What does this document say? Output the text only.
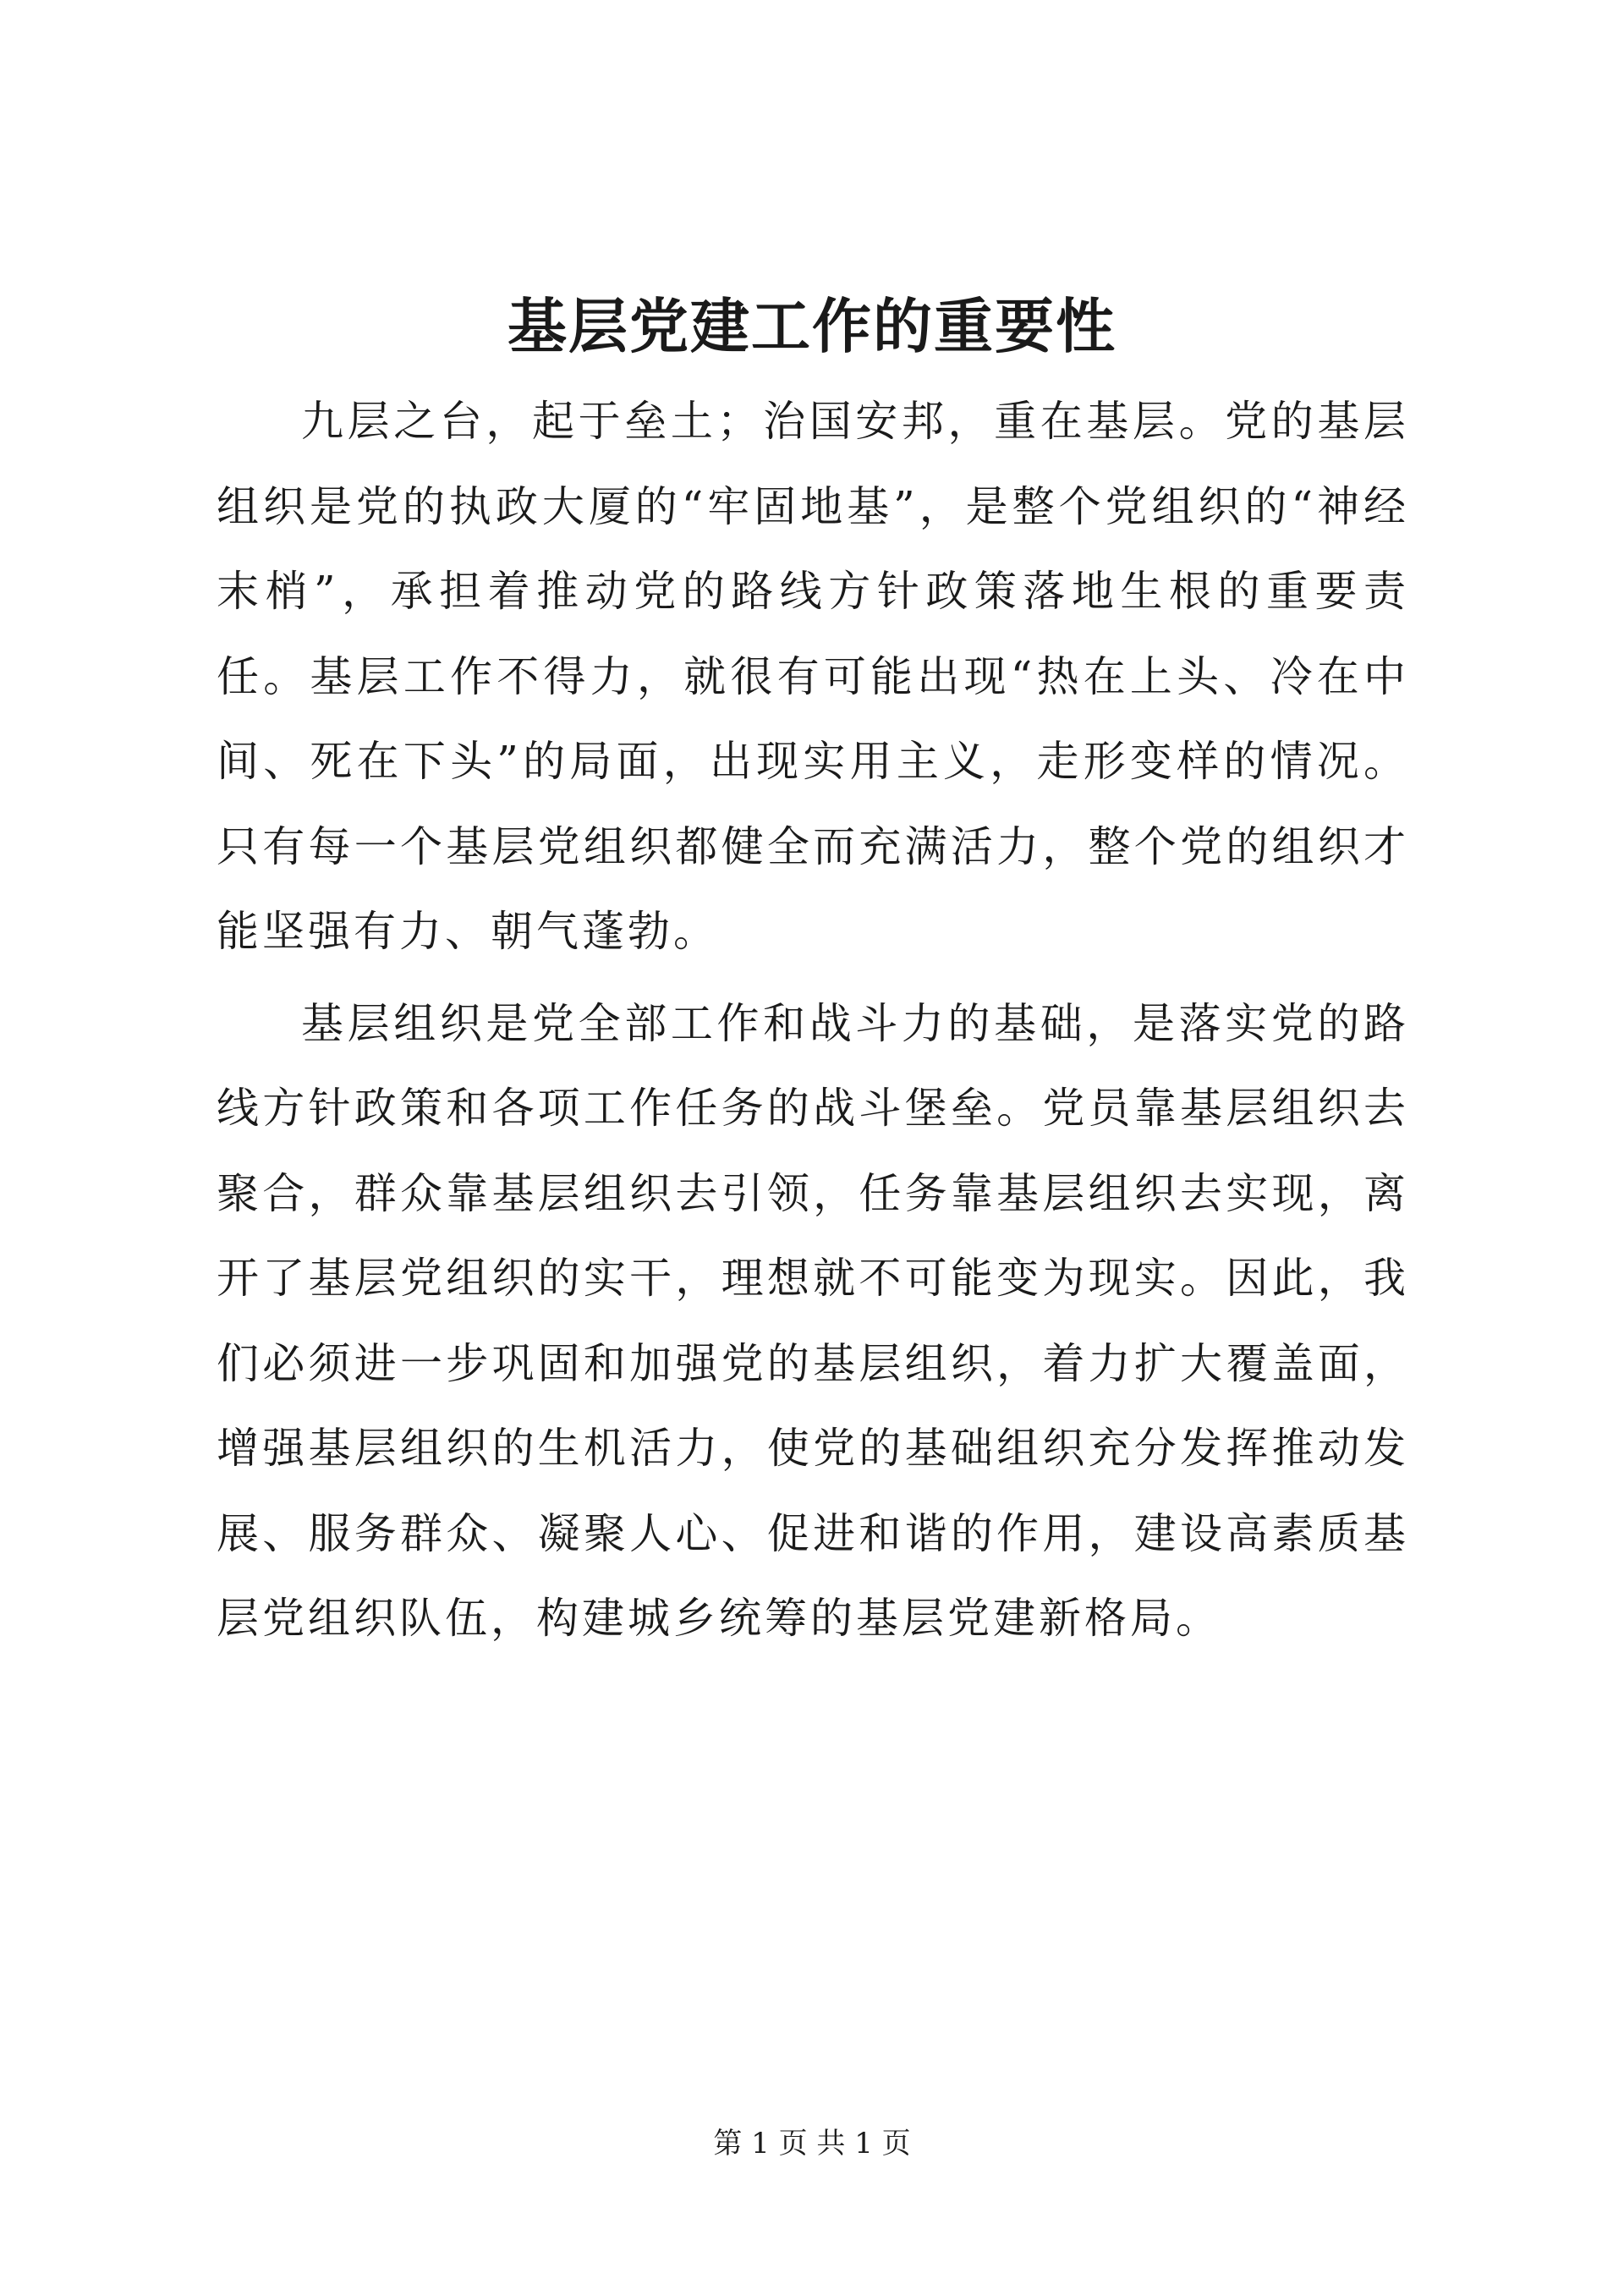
基层党建工作的重要性

九层之台，起于垒土；治国安邦，重在基层。党的基层组织是党的执政大厦的“牢固地基”，是整个党组织的“神经末梢”，承担着推动党的路线方针政策落地生根的重要责任。基层工作不得力，就很有可能出现“热在上头、冷在中间、死在下头”的局面，出现实用主义，走形变样的情况。只有每一个基层党组织都健全而充满活力，整个党的组织才能坚强有力、朝气蓬勃。

基层组织是党全部工作和战斗力的基础，是落实党的路线方针政策和各项工作任务的战斗堡垒。党员靠基层组织去聚合，群众靠基层组织去引领，任务靠基层组织去实现，离开了基层党组织的实干，理想就不可能变为现实。因此，我们必须进一步巩固和加强党的基层组织，着力扩大覆盖面，增强基层组织的生机活力，使党的基础组织充分发挥推动发展、服务群众、凝聚人心、促进和谐的作用，建设高素质基层党组织队伍，构建城乡统筹的基层党建新格局。

第 1 页 共 1 页
